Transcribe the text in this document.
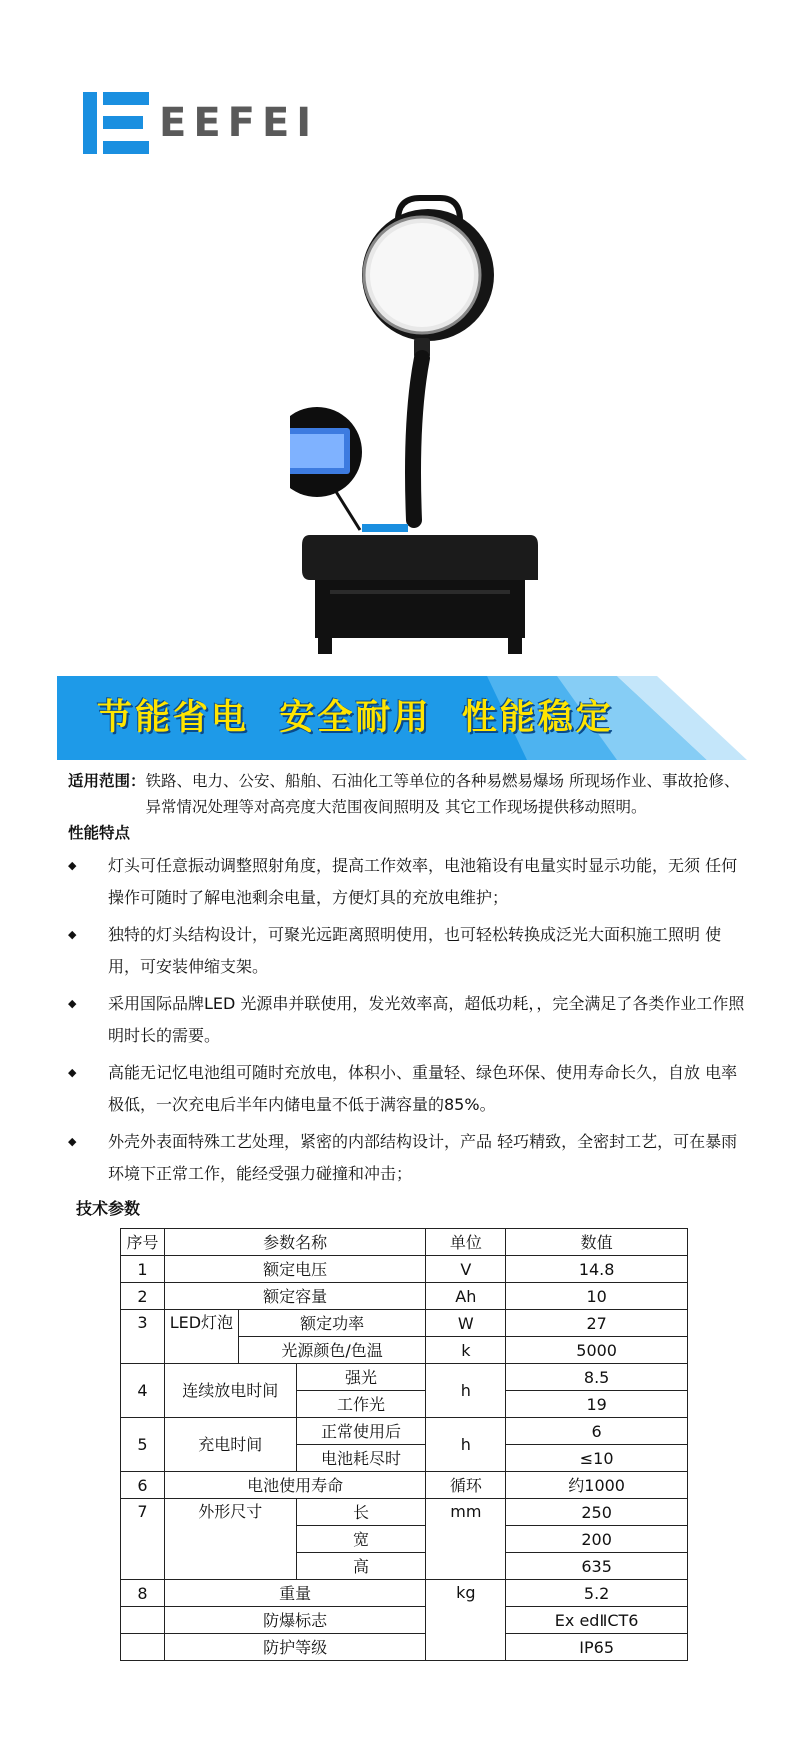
EEFEI
节能省电 安全耐用 性能稳定
适用范围： 铁路、电力、公安、船舶、石油化工等单位的各种易燃易爆场 所现场作业、事故抢修、异常情况处理等对高亮度大范围夜间照明及 其它工作现场提供移动照明。
性能特点
◆ 灯头可任意振动调整照射角度，提高工作效率，电池箱设有电量实时显示功能，无须 任何操作可随时了解电池剩余电量，方便灯具的充放电维护；
◆ 独特的灯头结构设计，可聚光远距离照明使用，也可轻松转换成泛光大面积施工照明 使用，可安装伸缩支架。
◆ 采用国际品牌LED 光源串并联使用，发光效率高，超低功耗，，完全满足了各类作业工作照明时长的需要。
◆ 高能无记忆电池组可随时充放电，体积小、重量轻、绿色环保、使用寿命长久，自放 电率极低，一次充电后半年内储电量不低于满容量的85%。
◆ 外壳外表面特殊工艺处理，紧密的内部结构设计，产品 轻巧精致，全密封工艺，可在暴雨环境下正常工作，能经受强力碰撞和冲击；
技术参数
序号	参数名称			单位	数值
1	额定电压			V	14.8
2	额定容量			Ah	10
3	LED灯泡	额定功率		W	27
		光源颜色/色温		k	5000
4	连续放电时间		强光	h	8.5
			工作光		19
5	充电时间		正常使用后	h	6
			电池耗尽时		≤10
6	电池使用寿命			循环	约1000
7	外形尺寸		长	mm	250
			宽		200
			高		635
8	重量			kg	5.2
	防爆标志				Ex edⅡCT6
	防护等级				IP65
